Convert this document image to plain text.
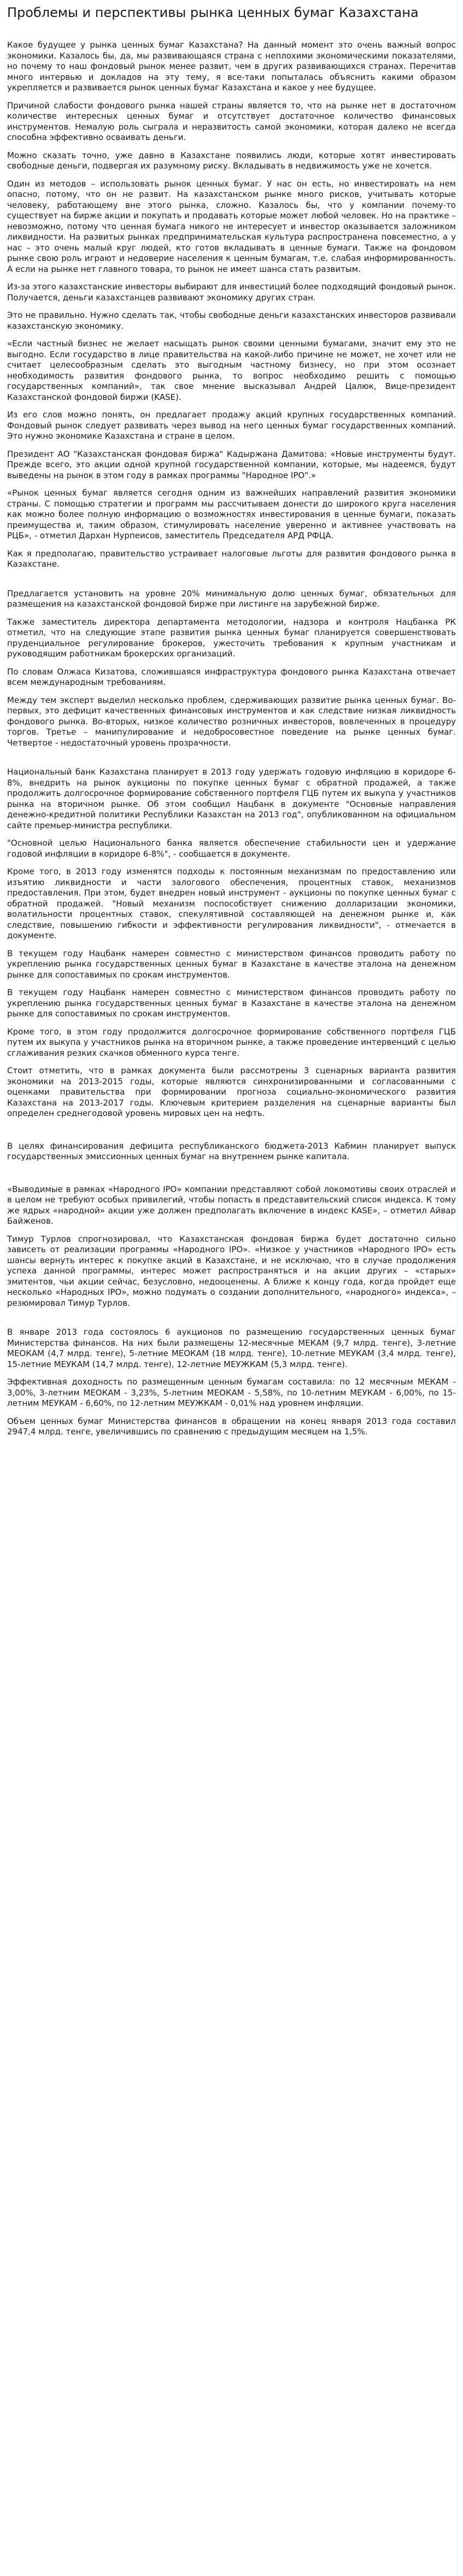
Проблемы и перспективы рынка ценных бумаг Казахстана

Какое будущее у рынка ценных бумаг Казахстана? На данный момент это очень важный вопрос экономики. Казалось бы, да, мы развивающаяся страна с неплохими экономическими показателями, но почему то наш фондовый рынок менее развит, чем в других развивающихся странах. Перечитав много интервью и докладов на эту тему, я все-таки попыталась объяснить какими образом укрепляется и развивается рынок ценных бумаг Казахстана и какое у нее будущее.

Причиной слабости фондового рынка нашей страны является то, что на рынке нет в достаточном количестве интересных ценных бумаг и отсутствует достаточное количество финансовых инструментов. Немалую роль сыграла и неразвитость самой экономики, которая далеко не всегда способна эффективно осваивать деньги.

Можно сказать точно, уже давно в Казахстане появились люди, которые хотят инвестировать свободные деньги, подвергая их разумному риску. Вкладывать в недвижимость уже не хочется.

Один из методов – использовать рынок ценных бумаг. У нас он есть, но инвестировать на нем опасно, потому, что он не развит. На казахстанском рынке много рисков, учитывать которые человеку, работающему вне этого рынка, сложно. Казалось бы, что у компании почему-то существует на бирже акции и покупать и продавать которые может любой человек. Но на практике – невозможно, потому что ценная бумага никого не интересует и инвестор оказывается заложником ликвидности. На развитых рынках предпринимательская культура распространена повсеместно, а у нас – это очень малый круг людей, кто готов вкладывать в ценные бумаги. Также на фондовом рынке свою роль играют и недоверие населения к ценным бумагам, т.е. слабая информированность. А если на рынке нет главного товара, то рынок не имеет шанса стать развитым.

Из-за этого казахстанские инвесторы выбирают для инвестиций более подходящий фондовый рынок. Получается, деньги казахстанцев развивают экономику других стран.

Это не правильно. Нужно сделать так, чтобы свободные деньги казахстанских инвесторов развивали казахстанскую экономику.

«Если частный бизнес не желает насыщать рынок своими ценными бумагами, значит ему это не выгодно. Если государство в лице правительства на какой-либо причине не может, не хочет или не считает целесообразным сделать это выгодным частному бизнесу, но при этом осознает необходимость развития фондового рынка, то вопрос необходимо решить с помощью государственных компаний», так свое мнение высказывал Андрей Цалюк, Вице-президент Казахстанской фондовой биржи (KASE).

Из его слов можно понять, он предлагает продажу акций крупных государственных компаний. Фондовый рынок следует развивать через вывод на него ценных бумаг государственных компаний. Это нужно экономике Казахстана и стране в целом.

Президент АО "Казахстанская фондовая биржа" Кадыржана Дамитова: «Новые инструменты будут. Прежде всего, это акции одной крупной государственной компании, которые, мы надеемся, будут выведены на рынок в этом году в рамках программы "Народное IPO".»

«Рынок ценных бумаг является сегодня одним из важнейших направлений развития экономики страны. С помощью стратегии и программ мы рассчитываем донести до широкого круга населения как можно более полную информацию о возможностях инвестирования в ценные бумаги, показать преимущества и, таким образом, стимулировать население уверенно и активнее участвовать на РЦБ», - отметил Дархан Нурпеисов, заместитель Председателя АРД РФЦА.

Как я предполагаю, правительство устраивает налоговые льготы для развития фондового рынка в Казахстане.

Предлагается установить на уровне 20% минимальную долю ценных бумаг, обязательных для размещения на казахстанской фондовой бирже при листинге на зарубежной бирже.

Также заместитель директора департамента методологии, надзора и контроля Нацбанка РК отметил, что на следующие этапе развития рынка ценных бумаг планируется совершенствовать пруденциальное регулирование брокеров, ужесточить требования к крупным участникам и руководящим работникам брокерских организаций.

По словам Олжаса Кизатова, сложившаяся инфраструктура фондового рынка Казахстана отвечает всем международным требованиям.

Между тем эксперт выделил несколько проблем, сдерживающих развитие рынка ценных бумаг. Во-первых, это дефицит качественных финансовых инструментов и как следствие низкая ликвидность фондового рынка. Во-вторых, низкое количество розничных инвесторов, вовлеченных в процедуру торгов. Третье – манипулирование и недобросовестное поведение на рынке ценных бумаг. Четвертое - недостаточный уровень прозрачности.

Национальный банк Казахстана планирует в 2013 году удержать годовую инфляцию в коридоре 6-8%, внедрить на рынок аукционы по покупке ценных бумаг с обратной продажей, а также продолжить долгосрочное формирование собственного портфеля ГЦБ путем их выкупа у участников рынка на вторичном рынке. Об этом сообщил Нацбанк в документе "Основные направления денежно-кредитной политики Республики Казахстан на 2013 год", опубликованном на официальном сайте премьер-министра республики.

"Основной целью Национального банка является обеспечение стабильности цен и удержание годовой инфляции в коридоре 6-8%", - сообщается в документе.

Кроме того, в 2013 году изменятся подходы к постоянным механизмам по предоставлению или изъятию ликвидности и части залогового обеспечения, процентных ставок, механизмов предоставления. При этом, будет внедрен новый инструмент - аукционы по покупке ценных бумаг с обратной продажей. "Новый механизм поспособствует снижению долларизации экономики, волатильности процентных ставок, спекулятивной составляющей на денежном рынке и, как следствие, повышению гибкости и эффективности регулирования ликвидности", - отмечается в документе.

В текущем году Нацбанк намерен совместно с министерством финансов проводить работу по укреплению рынка государственных ценных бумаг в Казахстане в качестве эталона на денежном рынке для сопоставимых по срокам инструментов.

В текущем году Нацбанк намерен совместно с министерством финансов проводить работу по укреплению рынка государственных ценных бумаг в Казахстане в качестве эталона на денежном рынке для сопоставимых по срокам инструментов.

Кроме того, в этом году продолжится долгосрочное формирование собственного портфеля ГЦБ путем их выкупа у участников рынка на вторичном рынке, а также проведение интервенций с целью сглаживания резких скачков обменного курса тенге.

Стоит отметить, что в рамках документа были рассмотрены 3 сценарных варианта развития экономики на 2013-2015 годы, которые являются синхронизированными и согласованными с оценками правительства при формировании прогноза социально-экономического развития Казахстана на 2013-2017 годы. Ключевым критерием разделения на сценарные варианты был определен среднегодовой уровень мировых цен на нефть.

В целях финансирования дефицита республиканского бюджета-2013 Кабмин планирует выпуск государственных эмиссионных ценных бумаг на внутреннем рынке капитала.

«Выводимые в рамках «Народного IPO» компании представляют собой локомотивы своих отраслей и в целом не требуют особых привилегий, чтобы попасть в представительский список индекса. К тому же ядрых «народной» акции уже должен предполагать включение в индекс KASE», – отметил Айвар Байженов.

Тимур Турлов спрогнозировал, что Казахстанская фондовая биржа будет достаточно сильно зависеть от реализации программы «Народного IPO». «Низкое у участников «Народного IPO» есть шансы вернуть интерес к покупке акций в Казахстане, и не исключаю, что в случае продолжения успеха данной программы, интерес может распространяться и на акции других – «старых» эмитентов, чьи акции сейчас, безусловно, недооценены. А ближе к концу года, когда пройдет еще несколько «Народных IPO», можно подумать о создании дополнительного, «народного» индекса», – резюмировал Тимур Турлов.

В январе 2013 года состоялось 6 аукционов по размещению государственных ценных бумаг Министерства финансов. На них были размещены 12-месячные МЕКАМ (9,7 млрд. тенге), 3-летние МЕОКАМ (4,7 млрд. тенге), 5-летние МЕОКАМ (18 млрд. тенге), 10-летние МЕУКАМ (3,4 млрд. тенге), 15-летние МЕУКАМ (14,7 млрд. тенге), 12-летние МЕУЖКАМ (5,3 млрд. тенге).

Эффективная доходность по размещенным ценным бумагам составила: по 12 месячным МЕКАМ - 3,00%, 3-летним МЕОКАМ - 3,23%, 5-летним МЕОКАМ - 5,58%, по 10-летним МЕУКАМ - 6,00%, по 15-летним МЕУКАМ - 6,60%, по 12-летним МЕУЖКАМ - 0,01% над уровнем инфляции.

Объем ценных бумаг Министерства финансов в обращении на конец января 2013 года составил 2947,4 млрд. тенге, увеличившись по сравнению с предыдущим месяцем на 1,5%.
